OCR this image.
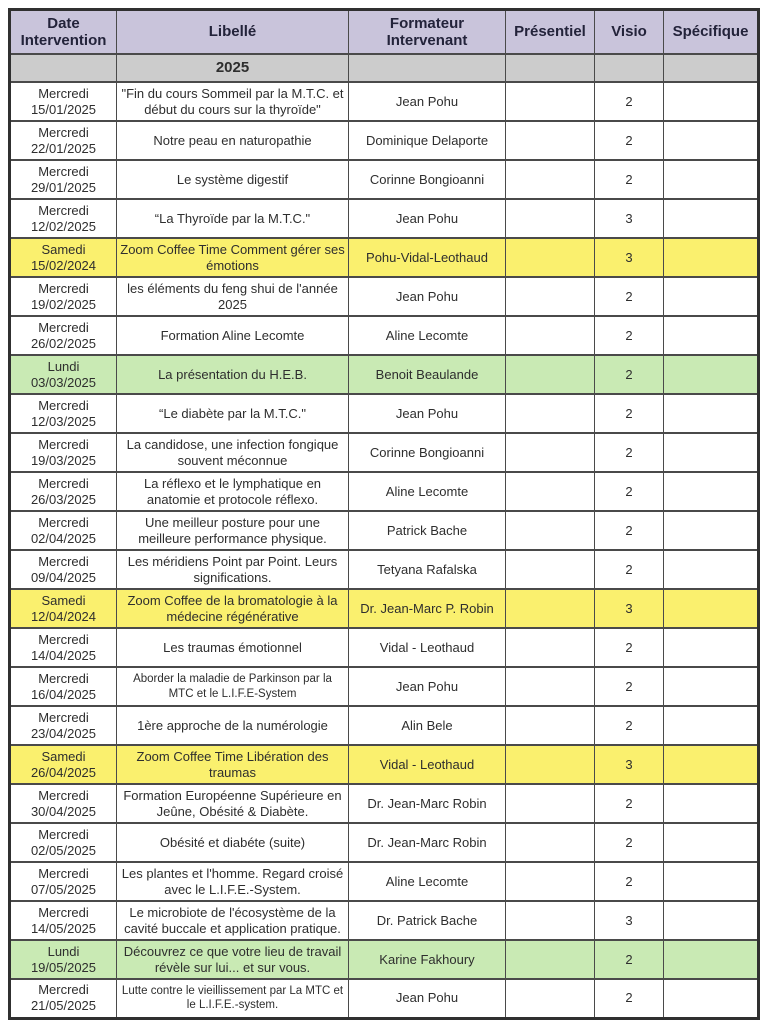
Date Intervention	Libellé	Formateur Intervenant	Présentiel	Visio	Spécifique
	2025				
Mercredi 15/01/2025	"Fin du cours Sommeil par la M.T.C. et début du cours sur la thyroïde"	Jean Pohu		2	
Mercredi 22/01/2025	Notre peau en naturopathie	Dominique Delaporte		2	
Mercredi 29/01/2025	Le système digestif	Corinne Bongioanni		2	
Mercredi 12/02/2025	“La Thyroïde par la M.T.C."	Jean Pohu		3	
Samedi 15/02/2024	Zoom Coffee Time Comment gérer ses émotions	Pohu-Vidal-Leothaud		3	
Mercredi 19/02/2025	les éléments du feng shui de l'année 2025	Jean Pohu		2	
Mercredi 26/02/2025	Formation Aline Lecomte	Aline Lecomte		2	
Lundi 03/03/2025	La présentation du H.E.B.	Benoit Beaulande		2	
Mercredi 12/03/2025	“Le diabète par la M.T.C."	Jean Pohu		2	
Mercredi 19/03/2025	La candidose, une infection fongique souvent méconnue	Corinne Bongioanni		2	
Mercredi 26/03/2025	La réflexo et le lymphatique en anatomie et protocole réflexo.	Aline Lecomte		2	
Mercredi 02/04/2025	Une meilleur posture pour une meilleure performance physique.	Patrick Bache		2	
Mercredi 09/04/2025	Les méridiens Point par Point. Leurs significations.	Tetyana Rafalska		2	
Samedi 12/04/2024	Zoom Coffee de la bromatologie à la médecine régénérative	Dr. Jean-Marc P. Robin		3	
Mercredi 14/04/2025	Les traumas émotionnel	Vidal - Leothaud		2	
Mercredi 16/04/2025	Aborder la maladie de Parkinson par la MTC et le L.I.F.E-System	Jean Pohu		2	
Mercredi 23/04/2025	1ère approche de la numérologie	Alin Bele		2	
Samedi 26/04/2025	Zoom Coffee Time Libération des traumas	Vidal - Leothaud		3	
Mercredi 30/04/2025	Formation Européenne Supérieure en Jeûne, Obésité & Diabète.	Dr. Jean-Marc Robin		2	
Mercredi 02/05/2025	Obésité et diabéte (suite)	Dr. Jean-Marc Robin		2	
Mercredi 07/05/2025	Les plantes et l'homme. Regard croisé avec le L.I.F.E.-System.	Aline Lecomte		2	
Mercredi 14/05/2025	Le microbiote de l'écosystème de la cavité buccale et application pratique.	Dr. Patrick Bache		3	
Lundi 19/05/2025	Découvrez ce que votre lieu de travail révèle sur lui... et sur vous.	Karine Fakhoury		2	
Mercredi 21/05/2025	Lutte contre le vieillissement par La MTC et le L.I.F.E.-system.	Jean Pohu		2	
